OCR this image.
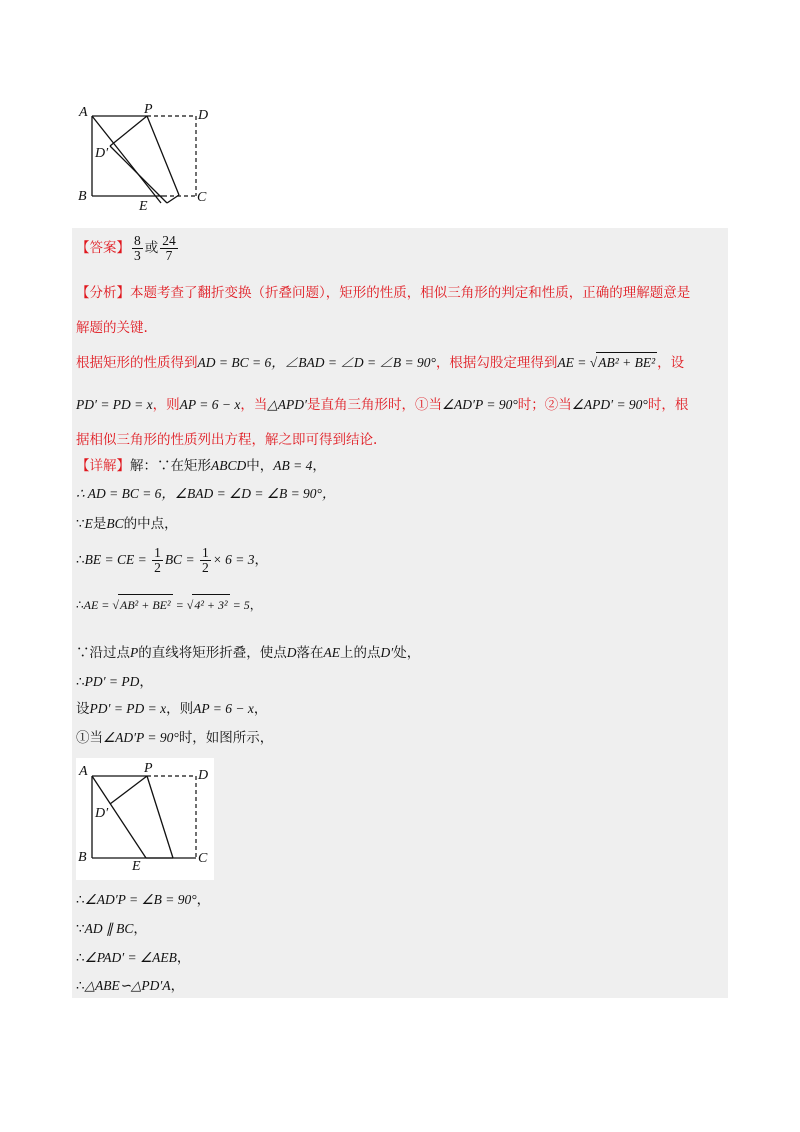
A	P	D
D′
B
E
C
【答案】 $\frac{8}{3}$ 或 $\frac{24}{7}$
【分析】本题考查了翻折变换（折叠问题），矩形的性质，相似三角形的判定和性质，正确的理解题意是
解题的关键.
根据矩形的性质得到AD = BC = 6，∠BAD = ∠D = ∠B = 90°，根据勾股定理得到AE = √AB² + BE² ，设
PD′ = PD = x，则AP = 6 − x，当△APD′是直角三角形时，①当∠AD′P = 90°时；②当∠APD′ = 90°时，根
据相似三角形的性质列出方程，解之即可得到结论.
【详解】解：∵在矩形ABCD中，AB = 4，
∴ AD = BC = 6，∠BAD = ∠D = ∠B = 90°，
∵E是BC的中点，
∴BE = CE = $\frac{1}{2}$ BC = $\frac{1}{2} \times 6 = 3$，
∴AE = √AB² + BE² = √4² + 3² = 5，
∵沿过点P的直线将矩形折叠，使点D落在AE上的点D′处，
∴PD′ = PD，
设PD′ = PD = x，则AP = 6 − x，
①当∠AD′P = 90°时，如图所示，
A	P	D
D′
B
E
C
∴∠AD′P = ∠B = 90°，
∵AD ∥ BC，
∴∠PAD′ = ∠AEB，
∴△ABE∽△PD′A，
